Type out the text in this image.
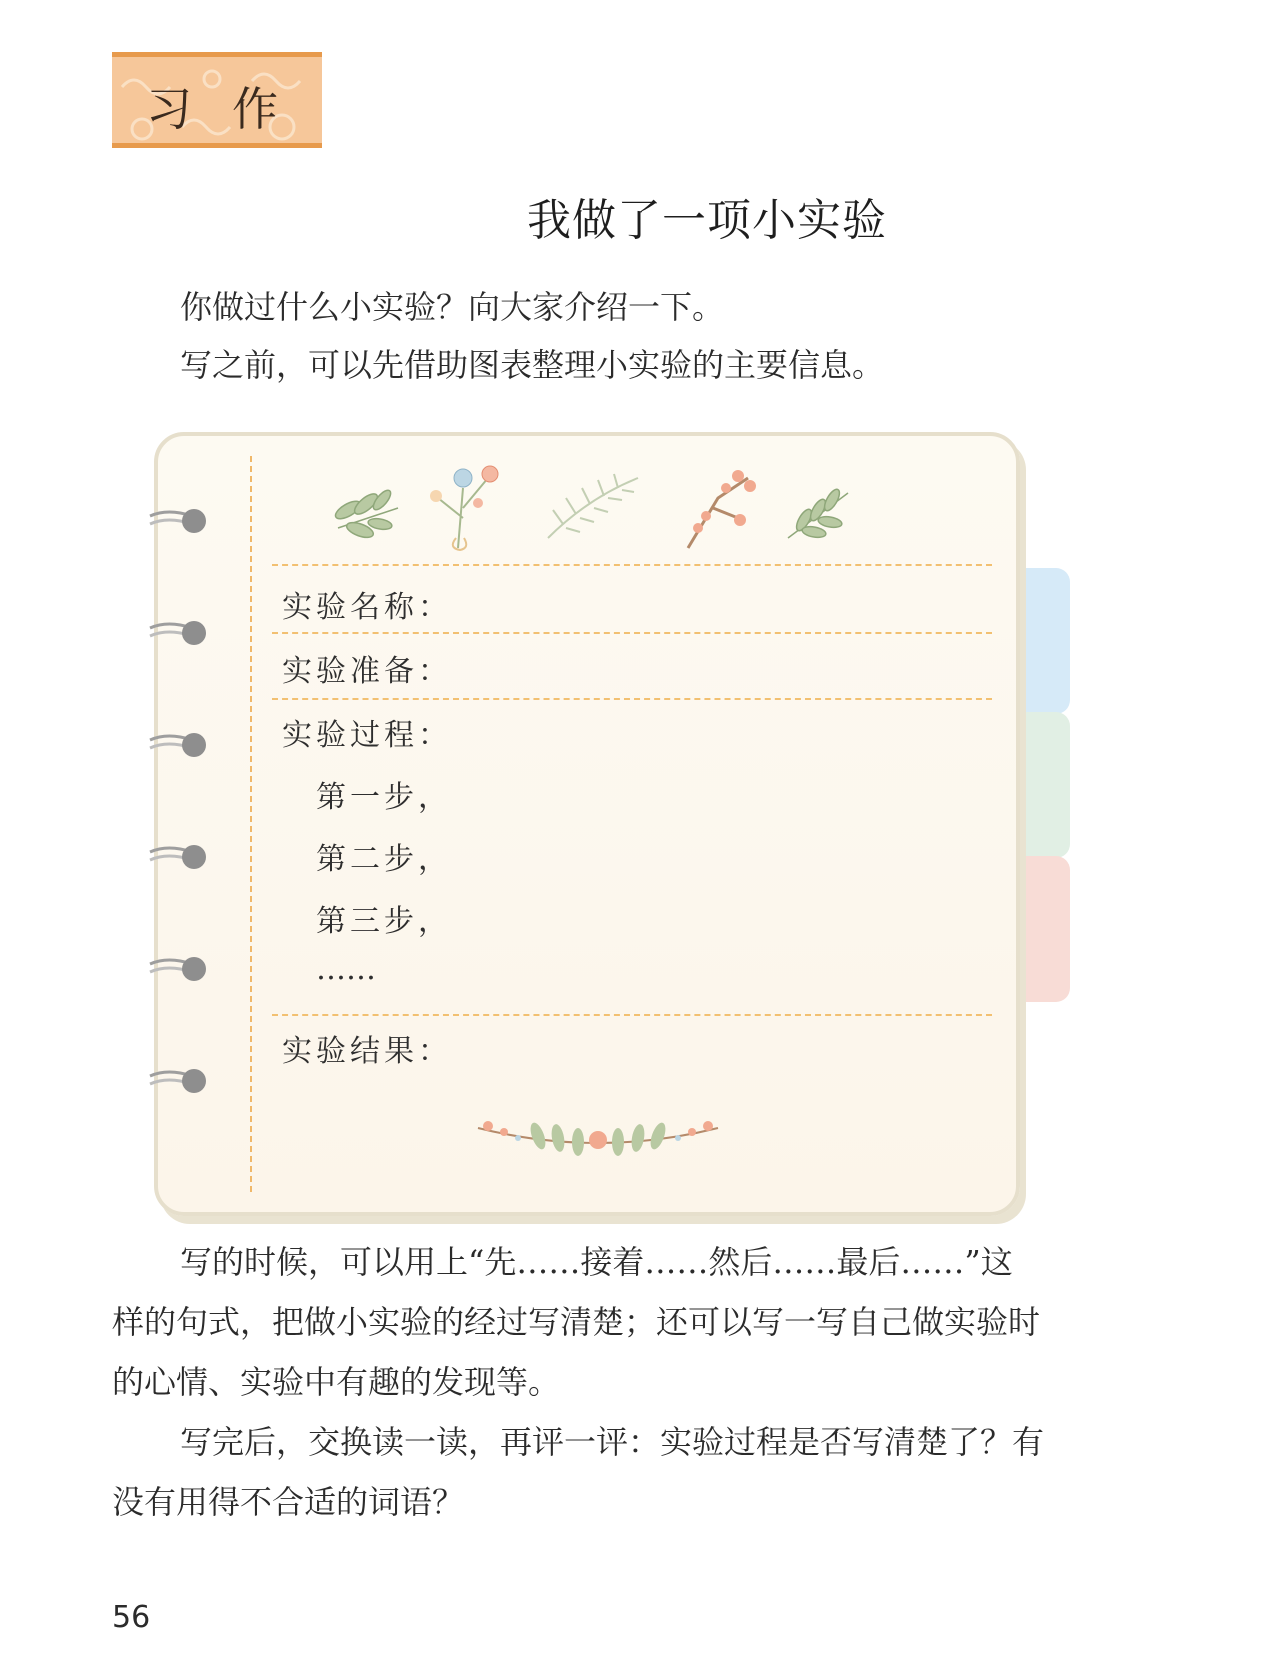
习作
我做了一项小实验
你做过什么小实验？向大家介绍一下。
写之前，可以先借助图表整理小实验的主要信息。
实验名称：
实验准备：
实验过程：
第一步，
第二步，
第三步，
……
实验结果：
写的时候，可以用上“先……接着……然后……最后……”这
样的句式，把做小实验的经过写清楚；还可以写一写自己做实验时
的心情、实验中有趣的发现等。
写完后，交换读一读，再评一评：实验过程是否写清楚了？有
没有用得不合适的词语？
56
